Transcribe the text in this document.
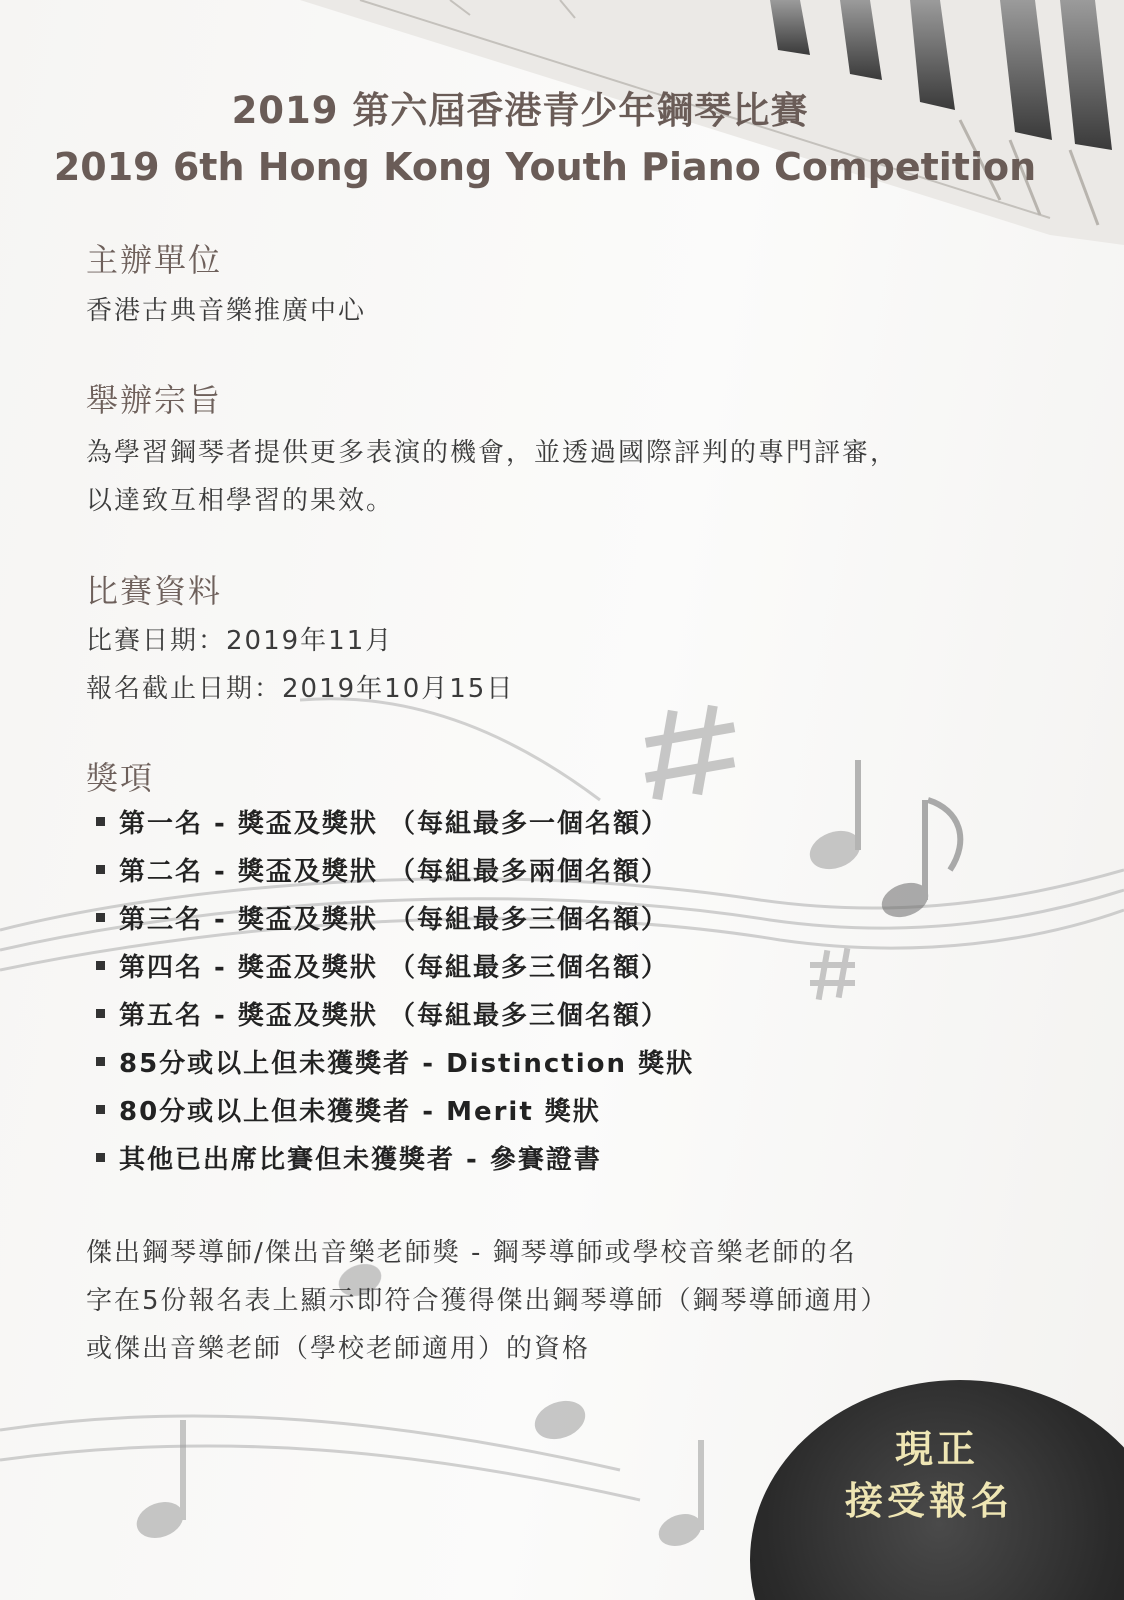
2019 第六屆香港青少年鋼琴比賽
2019 6th Hong Kong Youth Piano Competition
主辦單位
香港古典音樂推廣中心
舉辦宗旨
為學習鋼琴者提供更多表演的機會，並透過國際評判的專門評審，
以達致互相學習的果效。
比賽資料
比賽日期：2019年11月
報名截止日期：2019年10月15日
獎項
第一名 - 獎盃及獎狀 （每組最多一個名額）
第二名 - 獎盃及獎狀 （每組最多兩個名額）
第三名 - 獎盃及獎狀 （每組最多三個名額）
第四名 - 獎盃及獎狀 （每組最多三個名額）
第五名 - 獎盃及獎狀 （每組最多三個名額）
85分或以上但未獲獎者 - Distinction 獎狀
80分或以上但未獲獎者 - Merit 獎狀
其他已出席比賽但未獲獎者 - 參賽證書
傑出鋼琴導師/傑出音樂老師獎 - 鋼琴導師或學校音樂老師的名
字在5份報名表上顯示即符合獲得傑出鋼琴導師（鋼琴導師適用）
或傑出音樂老師（學校老師適用）的資格
現正
接受報名
